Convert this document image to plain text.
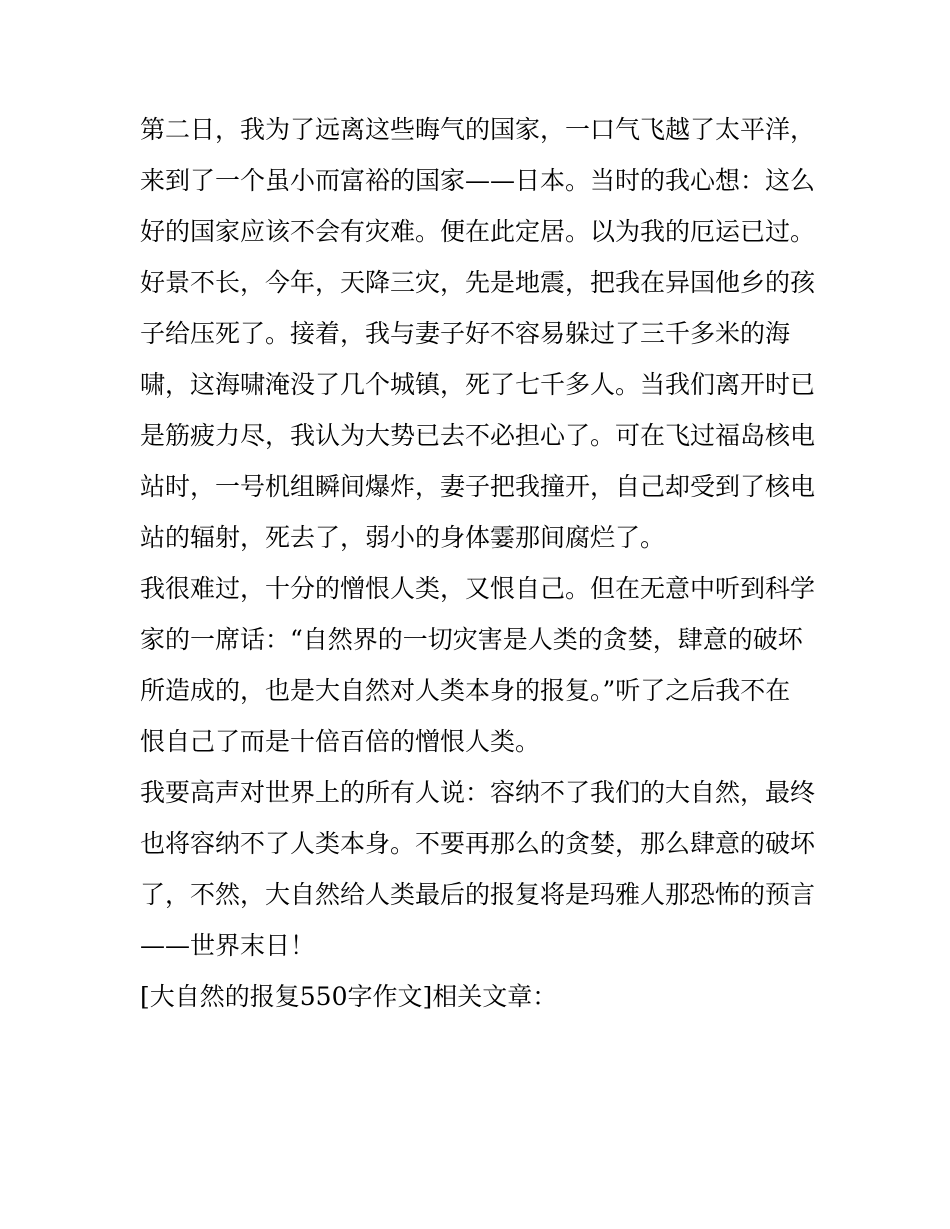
第二日，我为了远离这些晦气的国家，一口气飞越了太平洋，
来到了一个虽小而富裕的国家——日本。当时的我心想：这么
好的国家应该不会有灾难。便在此定居。以为我的厄运已过。
好景不长，今年，天降三灾，先是地震，把我在异国他乡的孩
子给压死了。接着，我与妻子好不容易躲过了三千多米的海
啸，这海啸淹没了几个城镇，死了七千多人。当我们离开时已
是筋疲力尽，我认为大势已去不必担心了。可在飞过福岛核电
站时，一号机组瞬间爆炸，妻子把我撞开，自己却受到了核电
站的辐射，死去了，弱小的身体霎那间腐烂了。
我很难过，十分的憎恨人类，又恨自己。但在无意中听到科学
家的一席话：“自然界的一切灾害是人类的贪婪，肆意的破坏
所造成的，也是大自然对人类本身的报复。”听了之后我不在
恨自己了而是十倍百倍的憎恨人类。
我要高声对世界上的所有人说：容纳不了我们的大自然，最终
也将容纳不了人类本身。不要再那么的贪婪，那么肆意的破坏
了，不然，大自然给人类最后的报复将是玛雅人那恐怖的预言
——世界末日！
[大自然的报复550字作文]相关文章：
